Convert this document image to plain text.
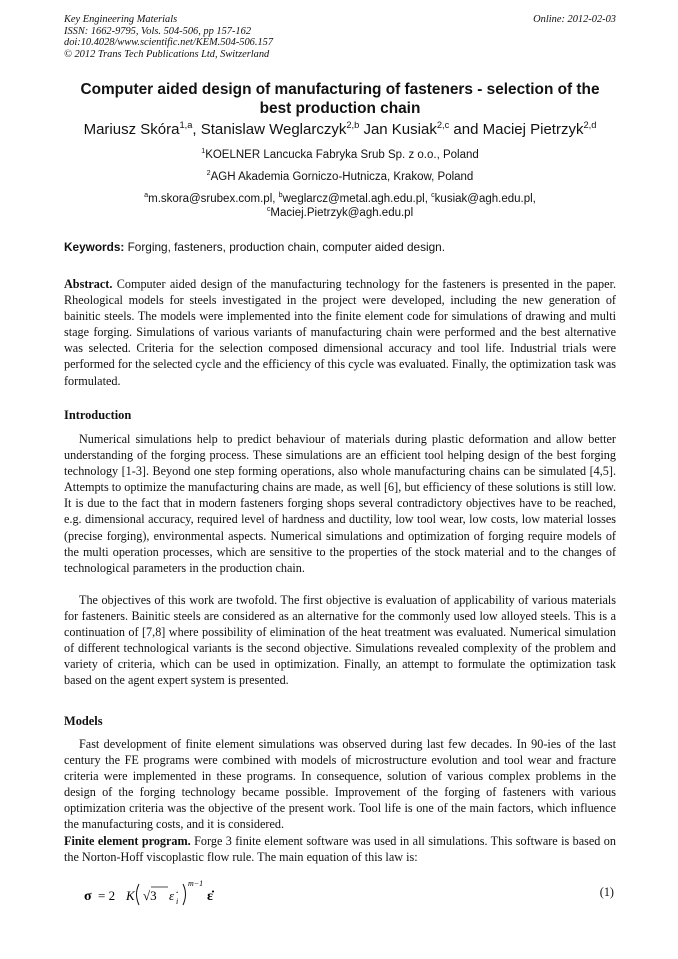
Key Engineering Materials
ISSN: 1662-9795, Vols. 504-506, pp 157-162
doi:10.4028/www.scientific.net/KEM.504-506.157
© 2012 Trans Tech Publications Ltd, Switzerland
Online: 2012-02-03
Computer aided design of manufacturing of fasteners - selection of the best production chain
Mariusz Skóra$^{1,a}$, Stanislaw Weglarczyk$^{2,b}$ Jan Kusiak$^{2,c}$ and Maciej Pietrzyk$^{2,d}$
$^1$KOELNER Lancucka Fabryka Srub Sp. z o.o., Poland
$^2$AGH Akademia Gorniczo-Hutnicza, Krakow, Poland
$^a$m.skora@srubex.com.pl, $^b$weglarcz@metal.agh.edu.pl, $^c$kusiak@agh.edu.pl,
$^c$Maciej.Pietrzyk@agh.edu.pl
Keywords: Forging, fasteners, production chain, computer aided design.
Abstract. Computer aided design of the manufacturing technology for the fasteners is presented in the paper. Rheological models for steels investigated in the project were developed, including the new generation of bainitic steels. The models were implemented into the finite element code for simulations of drawing and multi stage forging. Simulations of various variants of manufacturing chain were performed and the best alternative was selected. Criteria for the selection composed dimensional accuracy and tool life. Industrial trials were performed for the selected cycle and the efficiency of this cycle was evaluated. Finally, the optimization task was formulated.
Introduction
Numerical simulations help to predict behaviour of materials during plastic deformation and allow better understanding of the forging process. These simulations are an efficient tool helping design of the best forging technology [1-3]. Beyond one step forming operations, also whole manufacturing chains can be simulated [4,5]. Attempts to optimize the manufacturing chains are made, as well [6], but efficiency of these solutions is still low. It is due to the fact that in modern fasteners forging shops several contradictory objectives have to be reached, e.g. dimensional accuracy, required level of hardness and ductility, low tool wear, low costs, low material losses (precise forging), environmental aspects. Numerical simulations and optimization of forging require models of the multi operation processes, which are sensitive to the properties of the stock material and to the changes of technological parameters in the production chain.
The objectives of this work are twofold. The first objective is evaluation of applicability of various materials for fasteners. Bainitic steels are considered as an alternative for the commonly used low alloyed steels. This is a continuation of [7,8] where possibility of elimination of the heat treatment was evaluated. Numerical simulation of different technological variants is the second objective. Simulations revealed complexity of the problem and variety of criteria, which can be used in optimization. Finally, an attempt to formulate the optimization task based on the agent expert system is presented.
Models
Fast development of finite element simulations was observed during last few decades. In 90-ies of the last century the FE programs were combined with models of microstructure evolution and tool wear and fracture criteria were implemented in these programs. In consequence, solution of various complex problems in the design of the forging technology became possible. Improvement of the forging of fasteners with various optimization criteria was the objective of the present work. Tool life is one of the main factors, which influence the manufacturing costs, and it is considered.
Finite element program. Forge 3 finite element software was used in all simulations. This software is based on the Norton-Hoff viscoplastic flow rule. The main equation of this law is:
σ = 2 K √3 ε̇ i
m−1
ε̇	(1)
